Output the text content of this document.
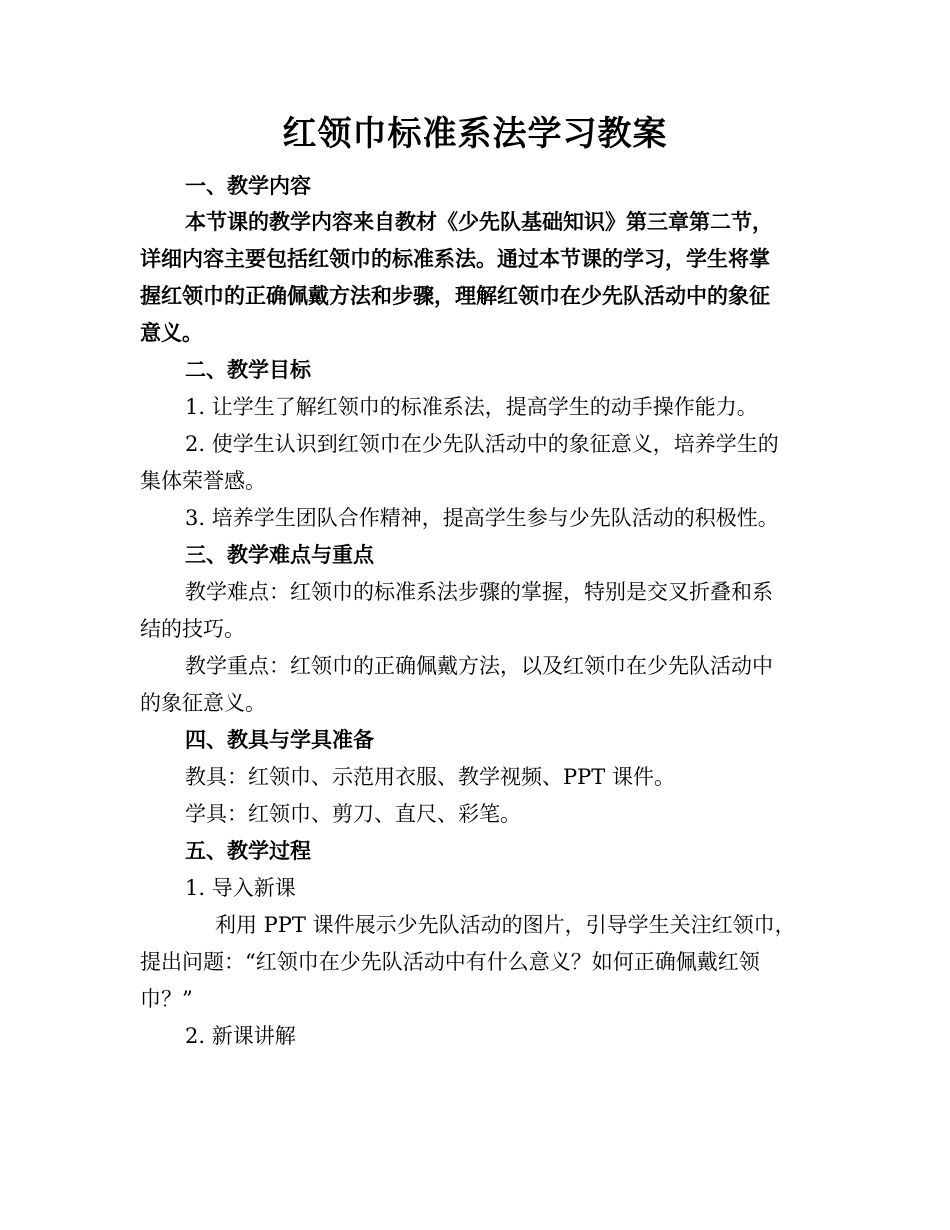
红领巾标准系法学习教案
一、教学内容
本节课的教学内容来自教材《少先队基础知识》第三章第二节，
详细内容主要包括红领巾的标准系法。通过本节课的学习，学生将掌
握红领巾的正确佩戴方法和步骤，理解红领巾在少先队活动中的象征
意义。
二、教学目标
1. 让学生了解红领巾的标准系法，提高学生的动手操作能力。
2. 使学生认识到红领巾在少先队活动中的象征意义，培养学生的
集体荣誉感。
3. 培养学生团队合作精神，提高学生参与少先队活动的积极性。
三、教学难点与重点
教学难点：红领巾的标准系法步骤的掌握，特别是交叉折叠和系
结的技巧。
教学重点：红领巾的正确佩戴方法，以及红领巾在少先队活动中
的象征意义。
四、教具与学具准备
教具：红领巾、示范用衣服、教学视频、PPT 课件。
学具：红领巾、剪刀、直尺、彩笔。
五、教学过程
1. 导入新课
利用 PPT 课件展示少先队活动的图片，引导学生关注红领巾，
提出问题：“红领巾在少先队活动中有什么意义？如何正确佩戴红领
巾？”
2. 新课讲解
